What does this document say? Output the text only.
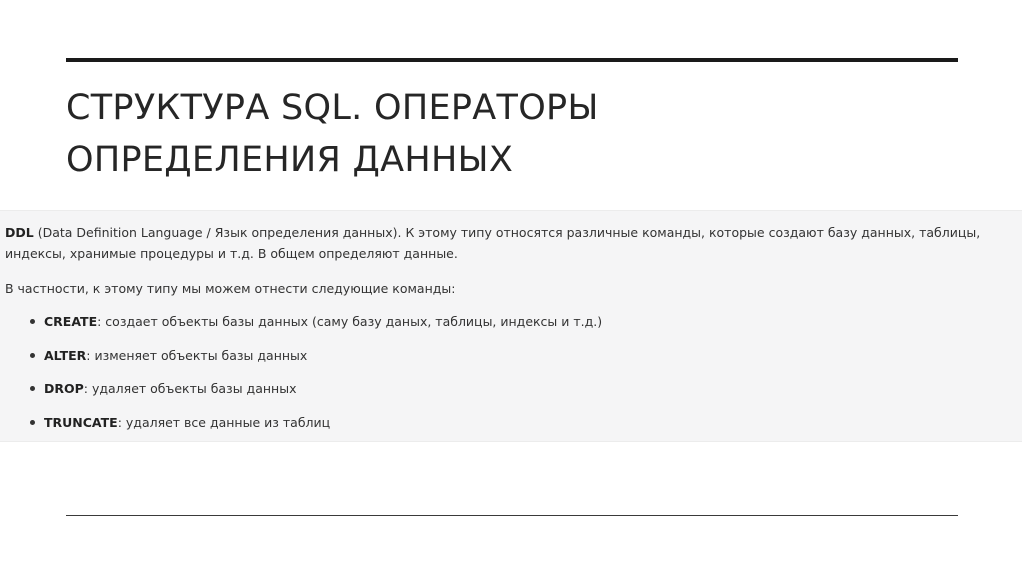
СТРУКТУРА SQL. ОПЕРАТОРЫ
ОПРЕДЕЛЕНИЯ ДАННЫХ

DDL (Data Definition Language / Язык определения данных). К этому типу относятся различные команды, которые создают базу данных, таблицы,
индексы, хранимые процедуры и т.д. В общем определяют данные.

В частности, к этому типу мы можем отнести следующие команды:

CREATE: создает объекты базы данных (саму базу даных, таблицы, индексы и т.д.)
ALTER: изменяет объекты базы данных
DROP: удаляет объекты базы данных
TRUNCATE: удаляет все данные из таблиц
